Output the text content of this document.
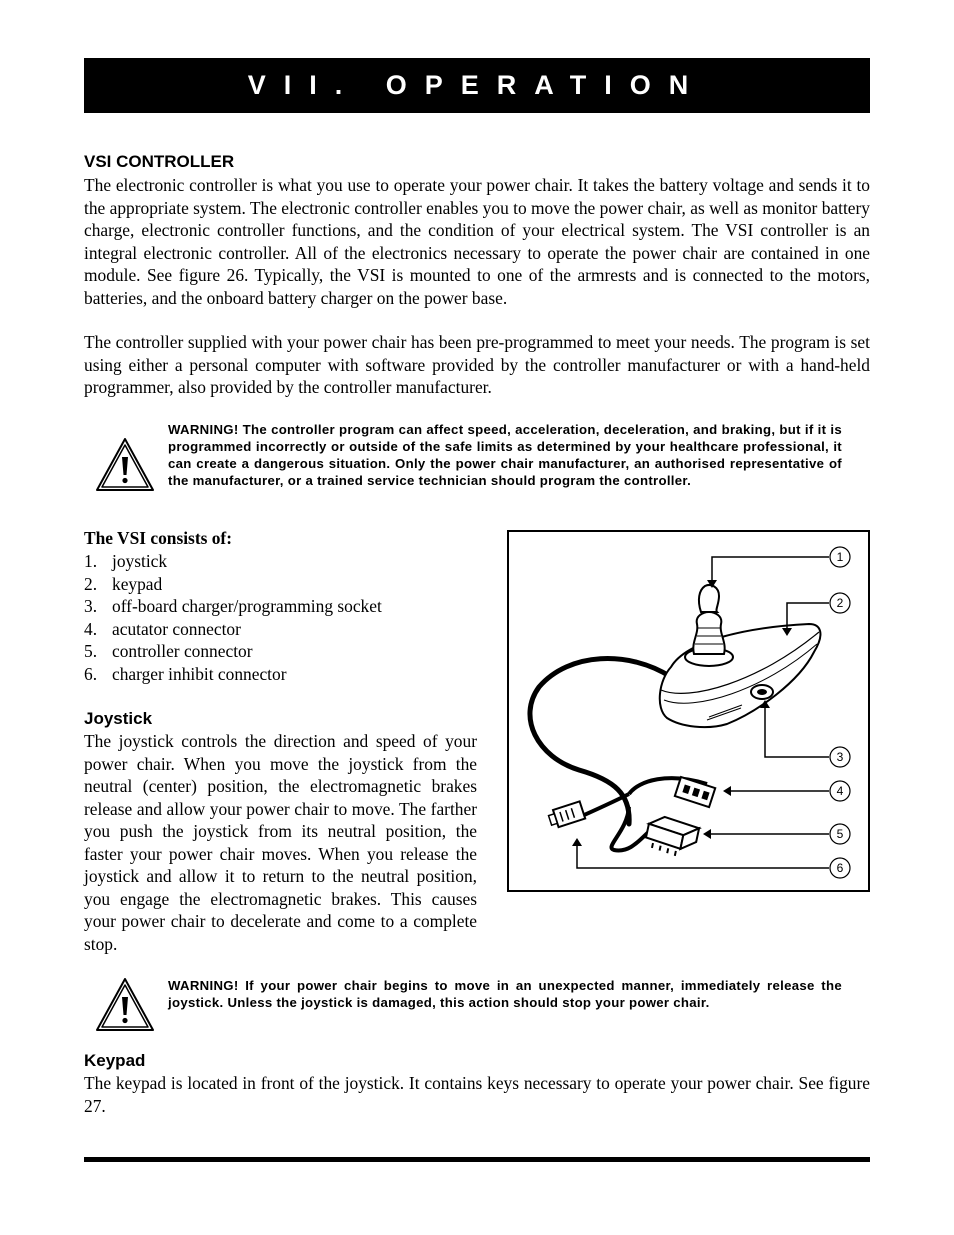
VII. OPERATION
VSI CONTROLLER

The electronic controller is what you use to operate your power chair. It takes the battery voltage and sends it to the appropriate system. The electronic controller enables you to move the power chair, as well as monitor battery charge, electronic controller functions, and the condition of your electrical system. The VSI controller is an integral electronic controller. All of the electronics necessary to operate the power chair are contained in one module. See figure 26. Typically, the VSI is mounted to one of the armrests and is connected to the motors, batteries, and the onboard battery charger on the power base.

The controller supplied with your power chair has been pre-programmed to meet your needs. The program is set using either a personal computer with software provided by the controller manufacturer or with a hand-held programmer, also provided by the controller manufacturer.

WARNING! The controller program can affect speed, acceleration, deceleration, and braking, but if it is programmed incorrectly or outside of the safe limits as determined by your healthcare professional, it can create a dangerous situation. Only the power chair manufacturer, an authorised representative of the manufacturer, or a trained service technician should program the controller.

The VSI consists of:
1. joystick
2. keypad
3. off-board charger/programming socket
4. acutator connector
5. controller connector
6. charger inhibit connector
Joystick

The joystick controls the direction and speed of your power chair. When you move the joystick from the neutral (center) position, the electromagnetic brakes release and allow your power chair to move. The farther you push the joystick from its neutral position, the faster your power chair moves. When you release the joystick and allow it to return to the neutral position, you engage the electromagnetic brakes. This causes your power chair to decelerate and come to a complete stop.

1
2
3
4
5
6

WARNING! If your power chair begins to move in an unexpected manner, immediately release the joystick. Unless the joystick is damaged, this action should stop your power chair.

Keypad

The keypad is located in front of the joystick. It contains keys necessary to operate your power chair. See figure 27.
